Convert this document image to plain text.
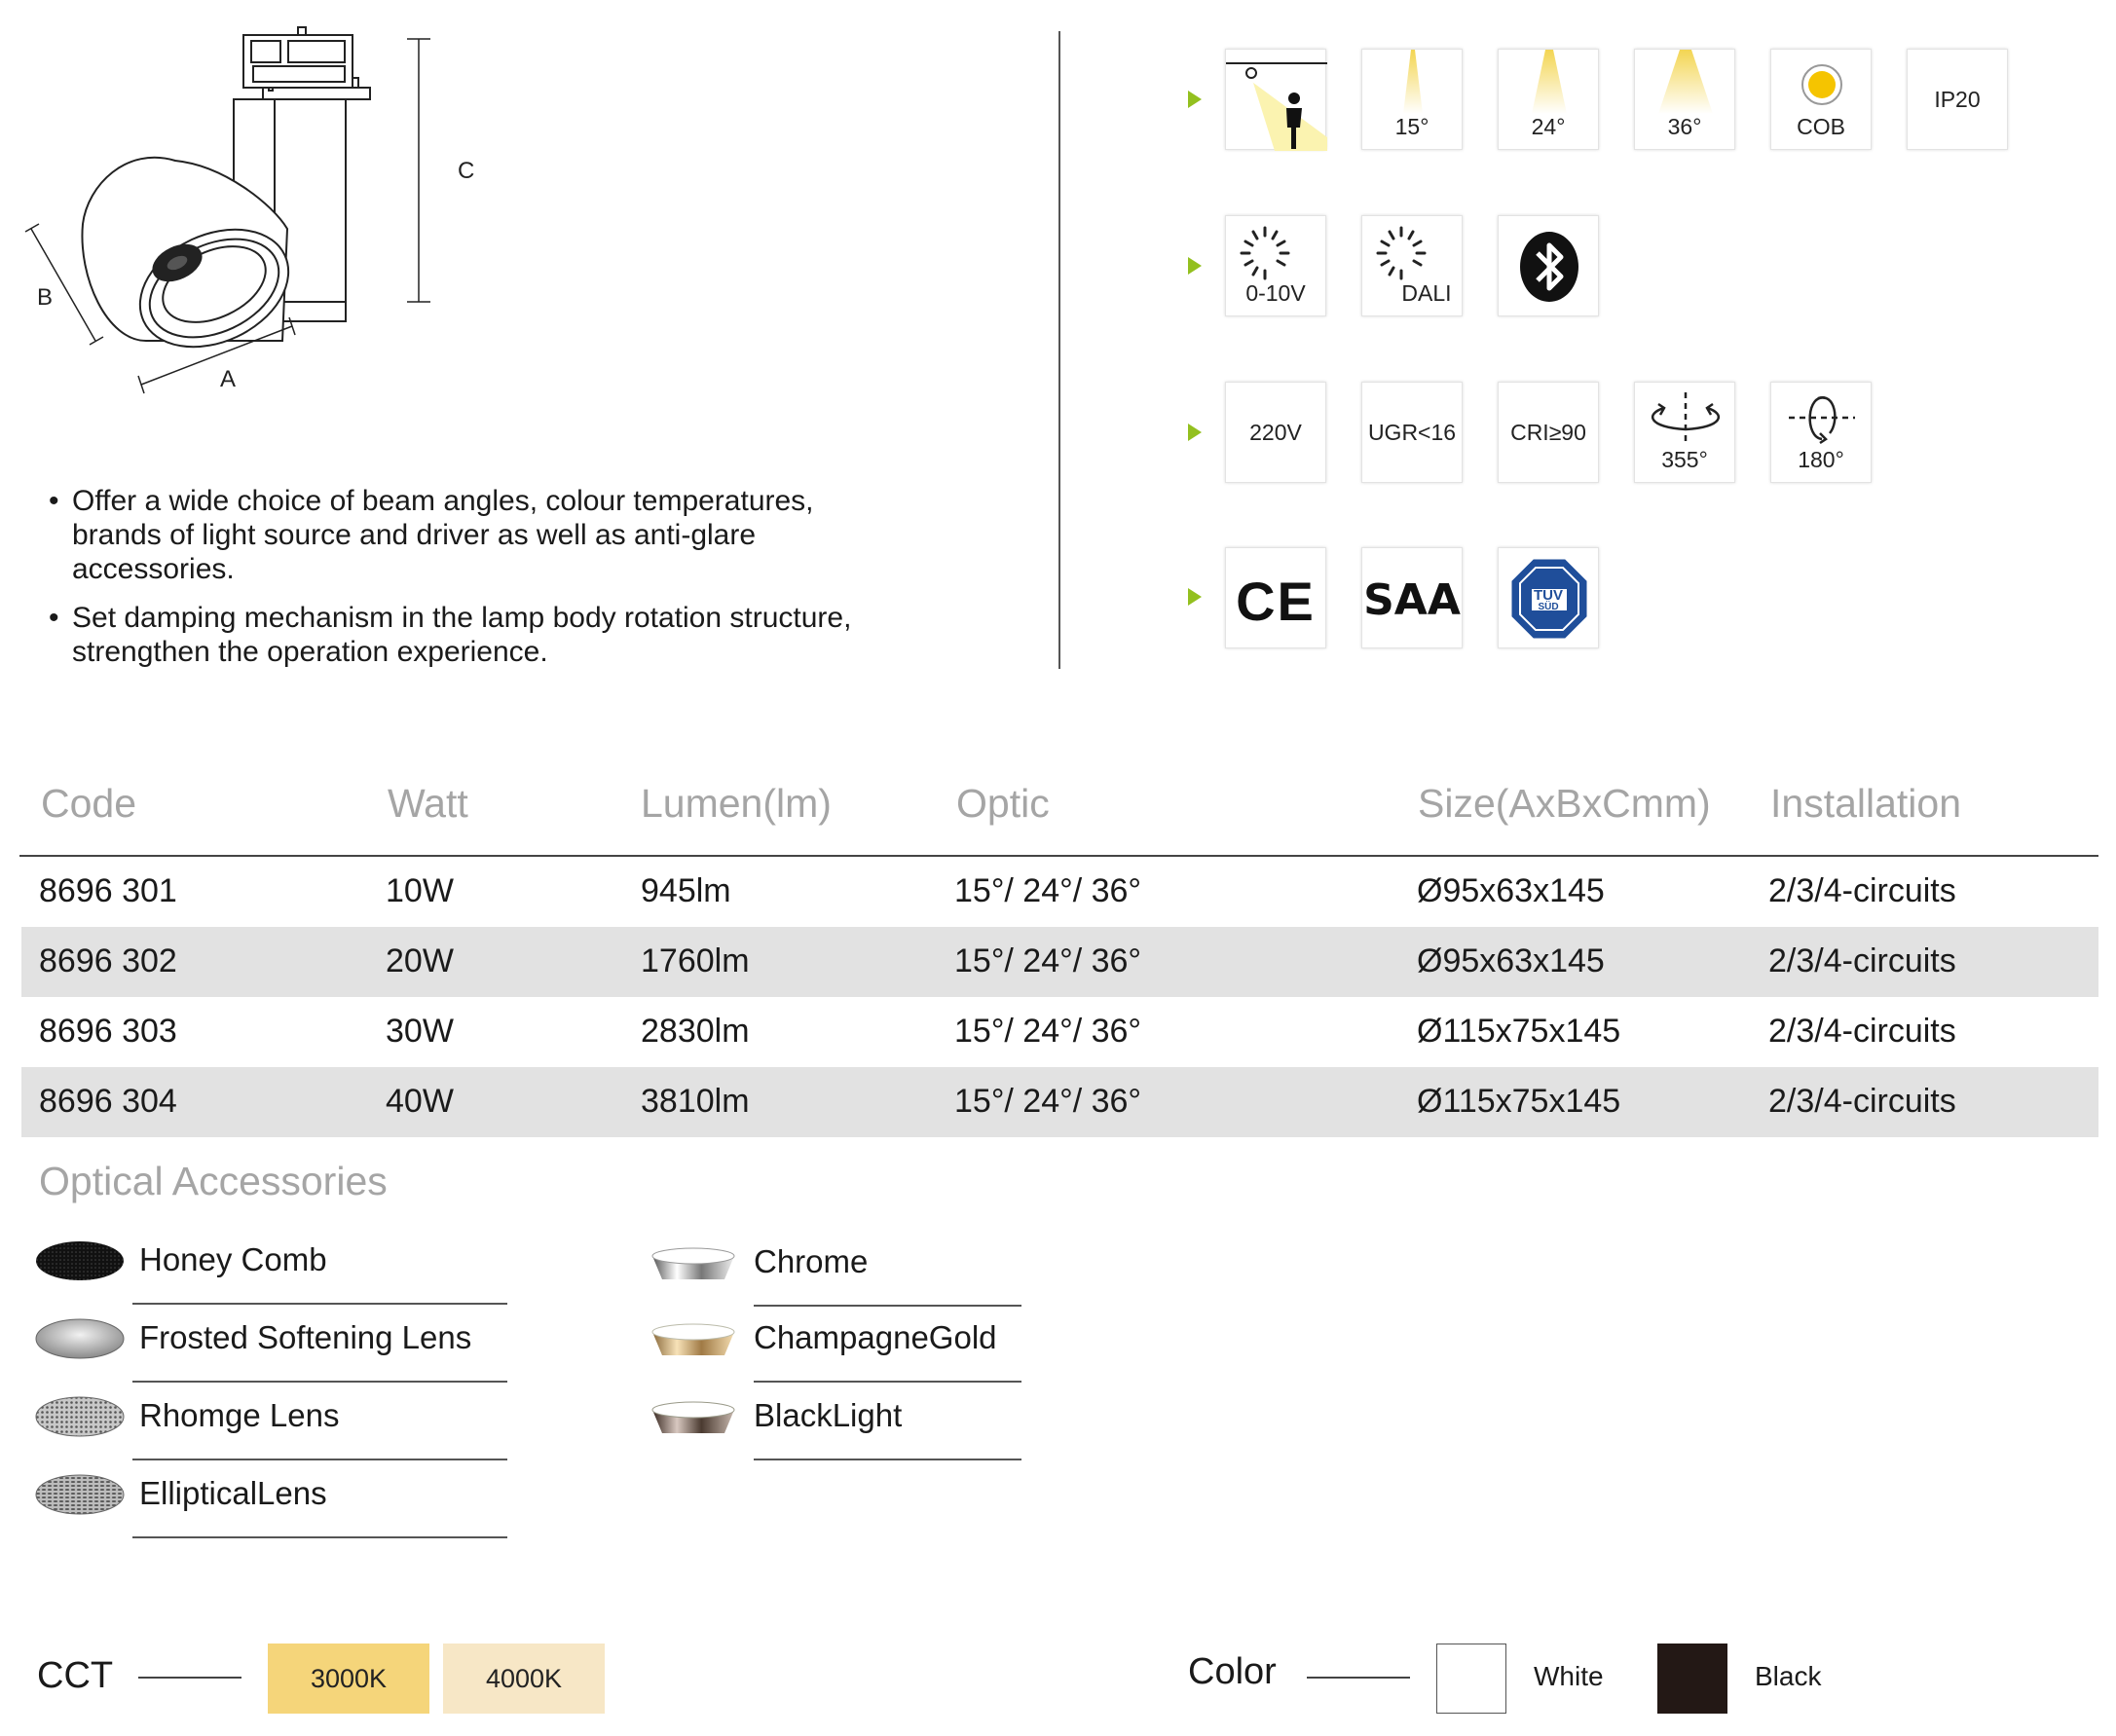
C
B
A
• Offer a wide choice of beam angles, colour temperatures,
brands of light source and driver as well as anti-glare
accessories.
• Set damping mechanism in the lamp body rotation structure,
strengthen the operation experience.
15°	24°	36°	COB
IP20
0-10V	DALI
220V	UGR<16	CRI≥90
355°	180°
CE SAA	TÜV
SÜD
Code	Watt	Lumen(lm)	Optic	Size(AxBxCmm) Installation
8696 301	10W	945lm	15°/ 24°/ 36°	Ø95x63x145	2/3/4-circuits
8696 302	20W	1760lm	15°/ 24°/ 36°	Ø95x63x145	2/3/4-circuits
8696 303	30W	2830lm	15°/ 24°/ 36°	Ø115x75x145	2/3/4-circuits
8696 304	40W	3810lm	15°/ 24°/ 36°	Ø115x75x145	2/3/4-circuits
Optical Accessories
Honey Comb
Frosted Softening Lens
Rhomge Lens
EllipticalLens
Chrome
ChampagneGold
BlackLight
CCT	3000K	4000K	Color	White	Black
